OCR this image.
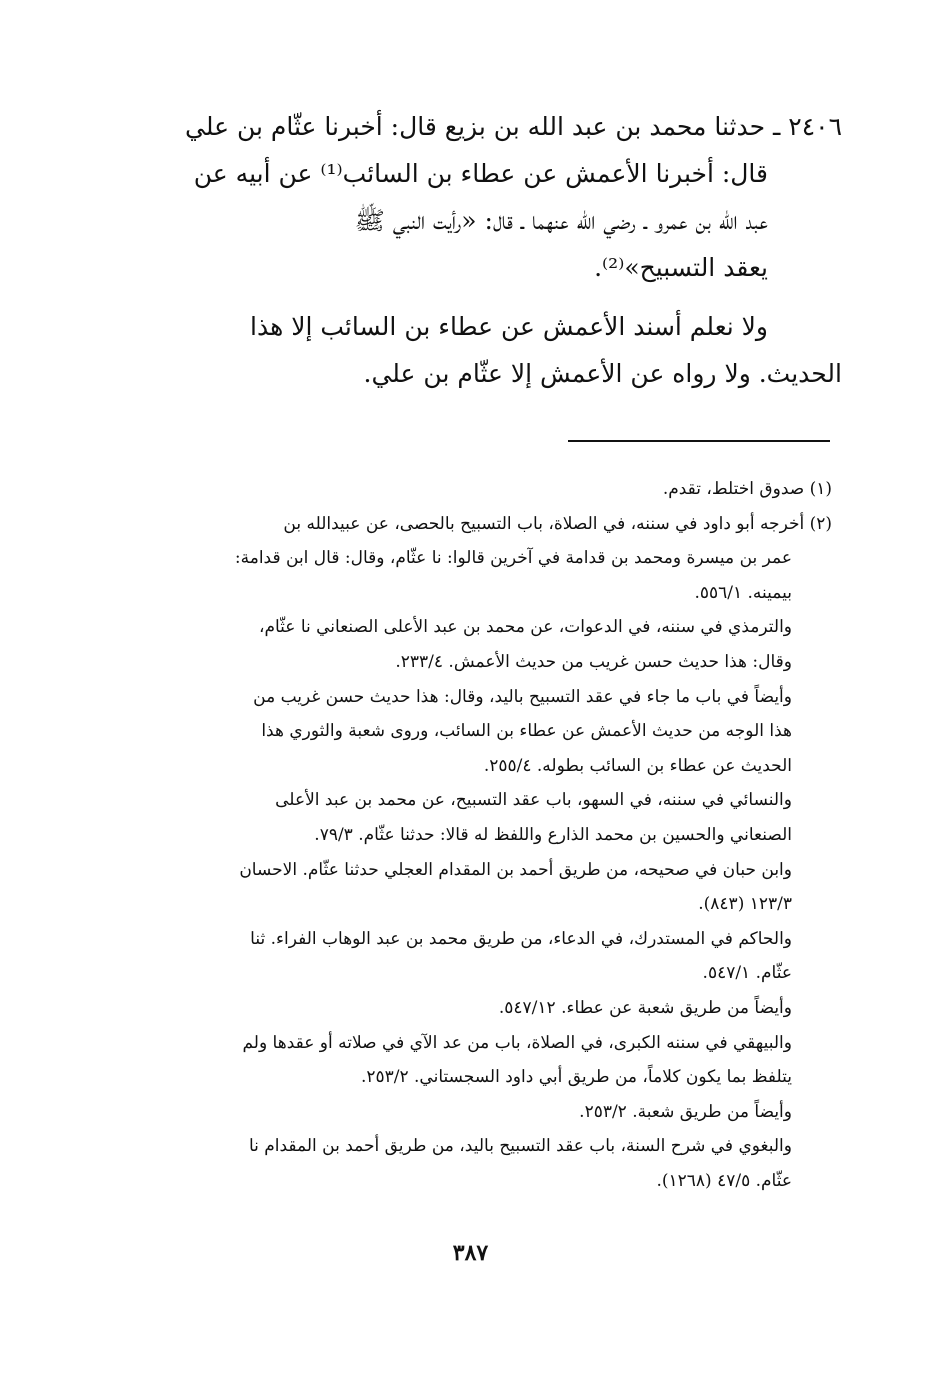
٢٤٠٦ ـ حدثنا محمد بن عبد الله بن بزيع قال: أخبرنا عثّام بن علي
قال: أخبرنا الأعمش عن عطاء بن السائب⁽¹⁾ عن أبيه عن
عبد الله بن عمرو ـ رضي الله عنهما ـ قال: «رأيت النبي ﷺ
يعقد التسبيح»⁽²⁾.
ولا نعلم أسند الأعمش عن عطاء بن السائب إلا هذا
الحديث. ولا رواه عن الأعمش إلا عثّام بن علي.
(١) صدوق اختلط، تقدم.
(٢) أخرجه أبو داود في سننه، في الصلاة، باب التسبيح بالحصى، عن عبيدالله بن
عمر بن ميسرة ومحمد بن قدامة في آخرين قالوا: نا عثّام، وقال: قال ابن قدامة:
بيمينه. ٥٥٦/١.
والترمذي في سننه، في الدعوات، عن محمد بن عبد الأعلى الصنعاني نا عثّام،
وقال: هذا حديث حسن غريب من حديث الأعمش. ٢٣٣/٤.
وأيضاً في باب ما جاء في عقد التسبيح باليد، وقال: هذا حديث حسن غريب من
هذا الوجه من حديث الأعمش عن عطاء بن السائب، وروى شعبة والثوري هذا
الحديث عن عطاء بن السائب بطوله. ٢٥٥/٤.
والنسائي في سننه، في السهو، باب عقد التسبيح، عن محمد بن عبد الأعلى
الصنعاني والحسين بن محمد الذارع واللفظ له قالا: حدثنا عثّام. ٧٩/٣.
وابن حبان في صحيحه، من طريق أحمد بن المقدام العجلي حدثنا عثّام. الاحسان
١٢٣/٣ (٨٤٣).
والحاكم في المستدرك، في الدعاء، من طريق محمد بن عبد الوهاب الفراء. ثنا
عثّام. ٥٤٧/١.
وأيضاً من طريق شعبة عن عطاء. ٥٤٧/١٢.
والبيهقي في سننه الكبرى، في الصلاة، باب من عد الآي في صلاته أو عقدها ولم
يتلفظ بما يكون كلاماً، من طريق أبي داود السجستاني. ٢٥٣/٢.
وأيضاً من طريق شعبة. ٢٥٣/٢.
والبغوي في شرح السنة، باب عقد التسبيح باليد، من طريق أحمد بن المقدام نا
عثّام. ٤٧/٥ (١٢٦٨).
٣٨٧
